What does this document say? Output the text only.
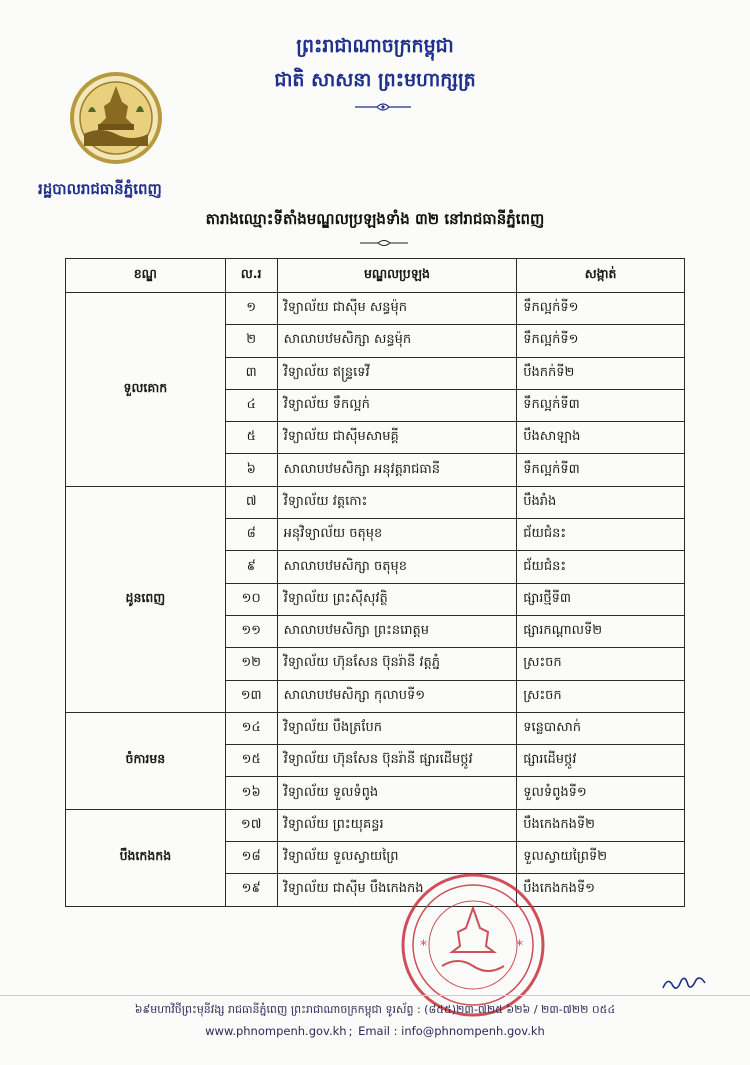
ព្រះរាជាណាចក្រកម្ពុជា
ជាតិ សាសនា ព្រះមហាក្សត្រ
រដ្ឋបាលរាជធានីភ្នំពេញ
តារាងឈ្មោះទីតាំងមណ្ឌលប្រឡងទាំង ៣២ នៅរាជធានីភ្នំពេញ
ខណ្ឌ	ល.រ	មណ្ឌលប្រឡង	សង្កាត់
ទួលគោក	១	វិទ្យាល័យ ជាស៊ីម សន្ធម៉ុក	ទឹកល្អក់ទី១
	២	សាលាបឋមសិក្សា សន្ធម៉ុក	ទឹកល្អក់ទី១
	៣	វិទ្យាល័យ ឥន្ទ្រទេវី	បឹងកក់ទី២
	៤	វិទ្យាល័យ ទឹកល្អក់	ទឹកល្អក់ទី៣
	៥	វិទ្យាល័យ ជាស៊ីមសាមគ្គី	បឹងសាឡាង
	៦	សាលាបឋមសិក្សា អនុវត្តរាជធានី	ទឹកល្អក់ទី៣
ដូនពេញ	៧	វិទ្យាល័យ វត្តកោះ	បឹងរាំង
	៨	អនុវិទ្យាល័យ ចតុមុខ	ជ័យជំនះ
	៩	សាលាបឋមសិក្សា ចតុមុខ	ជ័យជំនះ
	១០	វិទ្យាល័យ ព្រះស៊ីសុវត្ថិ	ផ្សារថ្មីទី៣
	១១	សាលាបឋមសិក្សា ព្រះនរោត្តម	ផ្សារកណ្ដាលទី២
	១២	វិទ្យាល័យ ហ៊ុនសែន ប៊ុនរ៉ានី វត្តភ្នំ	ស្រះចក
	១៣	សាលាបឋមសិក្សា កុលាបទី១	ស្រះចក
ចំការមន	១៤	វិទ្យាល័យ បឹងត្របែក	ទន្លេបាសាក់
	១៥	វិទ្យាល័យ ហ៊ុនសែន ប៊ុនរ៉ានី ផ្សារដើមថ្កូវ	ផ្សារដើមថ្កូវ
	១៦	វិទ្យាល័យ ទួលទំពូង	ទួលទំពូងទី១
បឹងកេងកង	១៧	វិទ្យាល័យ ព្រះយុគន្ធរ	បឹងកេងកងទី២
	១៨	វិទ្យាល័យ ទួលស្វាយព្រៃ	ទួលស្វាយព្រៃទី២
	១៩	វិទ្យាល័យ ជាស៊ីម បឹងកេងកង	បឹងកេងកងទី១
*	*
៦៩មហាវិថីព្រះមុនីវង្ស រាជធានីភ្នំពេញ ព្រះរាជាណាចក្រកម្ពុជា ទូរស័ព្ទ : (៨៥៥)២៣-៧២៥ ៦២៦ / ២៣-៧២២ ០៥៤
www.phnompenh.gov.kh ; Email : info@phnompenh.gov.kh
